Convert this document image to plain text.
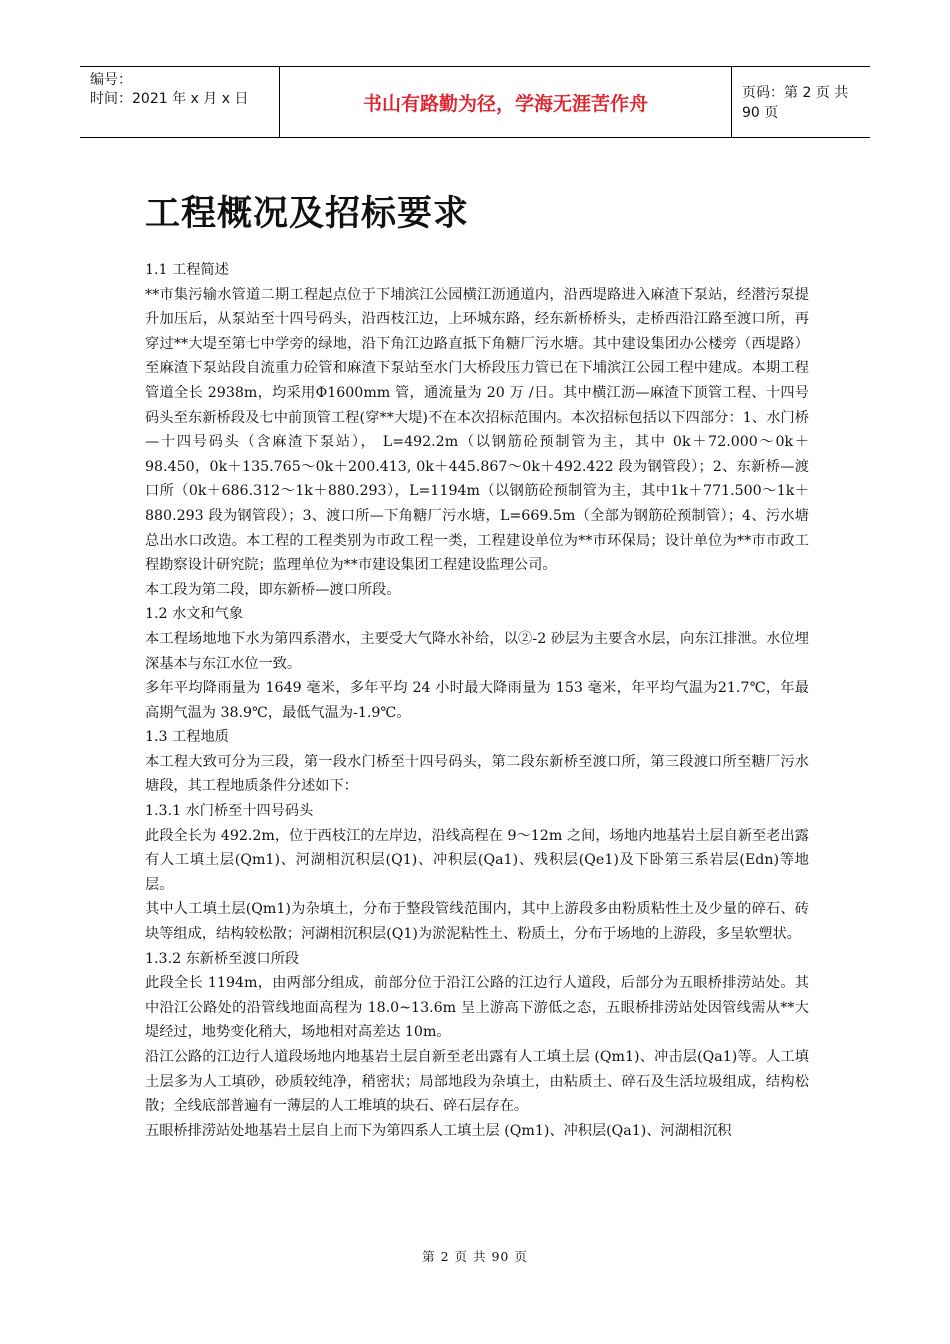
编号：
时间：2021 年 x 月 x 日	书山有路勤为径，学海无涯苦作舟	页码：第 2 页 共 90 页
工程概况及招标要求

1.1 工程简述

**市集污输水管道二期工程起点位于下埔滨江公园横江沥通道内，沿西堤路进入麻渣下泵站，经潜污泵提升加压后，从泵站至十四号码头，沿西枝江边，上环城东路，经东新桥桥头，走桥西沿江路至渡口所，再穿过**大堤至第七中学旁的绿地，沿下角江边路直抵下角糖厂污水塘。其中建设集团办公楼旁（西堤路）至麻渣下泵站段自流重力砼管和麻渣下泵站至水门大桥段压力管已在下埔滨江公园工程中建成。本期工程管道全长 2938m，均采用Φ1600mm 管，通流量为 20 万 /日。其中横江沥—麻渣下顶管工程、十四号码头至东新桥段及七中前顶管工程(穿**大堤)不在本次招标范围内。本次招标包括以下四部分：1、水门桥—十四号码头（含麻渣下泵站）， L=492.2m（以钢筋砼预制管为主，其中 0k＋72.000～0k＋98.450，0k＋135.765～0k＋200.413, 0k＋445.867～0k＋492.422 段为钢管段）；2、东新桥—渡口所（0k＋686.312～1k＋880.293），L=1194m（以钢筋砼预制管为主，其中1k＋771.500～1k＋880.293 段为钢管段）；3、渡口所—下角糖厂污水塘，L=669.5m（全部为钢筋砼预制管）；4、污水塘总出水口改造。本工程的工程类别为市政工程一类，工程建设单位为**市环保局；设计单位为**市市政工程勘察设计研究院；监理单位为**市建设集团工程建设监理公司。

本工段为第二段，即东新桥—渡口所段。

1.2 水文和气象

本工程场地地下水为第四系潜水，主要受大气降水补给，以②-2 砂层为主要含水层，向东江排泄。水位埋深基本与东江水位一致。

多年平均降雨量为 1649 毫米，多年平均 24 小时最大降雨量为 153 毫米，年平均气温为21.7℃，年最高期气温为 38.9℃，最低气温为-1.9℃。

1.3 工程地质

本工程大致可分为三段，第一段水门桥至十四号码头，第二段东新桥至渡口所，第三段渡口所至糖厂污水塘段，其工程地质条件分述如下：

1.3.1 水门桥至十四号码头

此段全长为 492.2m，位于西枝江的左岸边，沿线高程在 9～12m 之间，场地内地基岩土层自新至老出露有人工填土层(Qm1)、河湖相沉积层(Q1)、冲积层(Qa1)、残积层(Qe1)及下卧第三系岩层(Edn)等地层。

其中人工填土层(Qm1)为杂填土，分布于整段管线范围内，其中上游段多由粉质粘性土及少量的碎石、砖块等组成，结构较松散；河湖相沉积层(Q1)为淤泥粘性土、粉质土，分布于场地的上游段，多呈软塑状。

1.3.2 东新桥至渡口所段

此段全长 1194m，由两部分组成，前部分位于沿江公路的江边行人道段，后部分为五眼桥排涝站处。其中沿江公路处的沿管线地面高程为 18.0~13.6m 呈上游高下游低之态，五眼桥排涝站处因管线需从**大堤经过，地势变化稍大，场地相对高差达 10m。

沿江公路的江边行人道段场地内地基岩土层自新至老出露有人工填土层 (Qm1)、冲击层(Qa1)等。人工填土层多为人工填砂，砂质较纯净，稍密状；局部地段为杂填土，由粘质土、碎石及生活垃圾组成，结构松散；全线底部普遍有一薄层的人工堆填的块石、碎石层存在。

五眼桥排涝站处地基岩土层自上而下为第四系人工填土层 (Qm1)、冲积层(Qa1)、河湖相沉积

第 2 页 共 90 页
